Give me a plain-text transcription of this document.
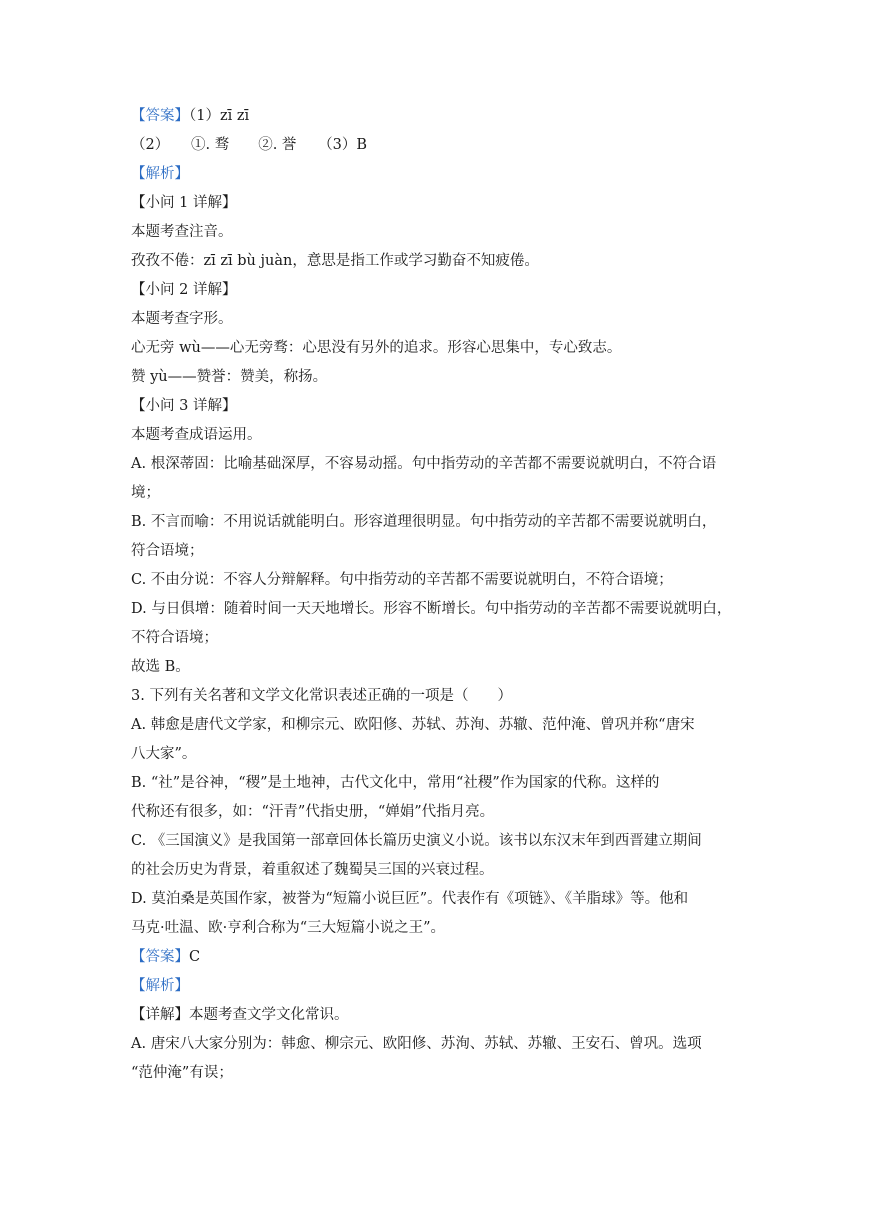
【答案】（1）zī zī
（2）　　①. 骛　　②. 誉　　（3）B
【解析】
【小问 1 详解】
本题考查注音。
孜孜不倦：zī zī bù juàn，意思是指工作或学习勤奋不知疲倦。
【小问 2 详解】
本题考查字形。
心无旁 wù——心无旁骛：心思没有另外的追求。形容心思集中，专心致志。
赞 yù——赞誉：赞美，称扬。
【小问 3 详解】
本题考查成语运用。
A. 根深蒂固：比喻基础深厚，不容易动摇。句中指劳动的辛苦都不需要说就明白，不符合语
境；
B. 不言而喻：不用说话就能明白。形容道理很明显。句中指劳动的辛苦都不需要说就明白，
符合语境；
C. 不由分说：不容人分辩解释。句中指劳动的辛苦都不需要说就明白，不符合语境；
D. 与日俱增：随着时间一天天地增长。形容不断增长。句中指劳动的辛苦都不需要说就明白，
不符合语境；
故选 B。
3. 下列有关名著和文学文化常识表述正确的一项是（　　）
A. 韩愈是唐代文学家，和柳宗元、欧阳修、苏轼、苏洵、苏辙、范仲淹、曾巩并称“唐宋
八大家”。
B. “社”是谷神，“稷”是土地神，古代文化中，常用“社稷”作为国家的代称。这样的
代称还有很多，如：“汗青”代指史册，“婵娟”代指月亮。
C. 《三国演义》是我国第一部章回体长篇历史演义小说。该书以东汉末年到西晋建立期间
的社会历史为背景，着重叙述了魏蜀吴三国的兴衰过程。
D. 莫泊桑是英国作家，被誉为“短篇小说巨匠”。代表作有《项链》、《羊脂球》等。他和
马克·吐温、欧·亨利合称为“三大短篇小说之王”。
【答案】C
【解析】
【详解】本题考查文学文化常识。
A. 唐宋八大家分别为：韩愈、柳宗元、欧阳修、苏洵、苏轼、苏辙、王安石、曾巩。选项
“范仲淹”有误；
